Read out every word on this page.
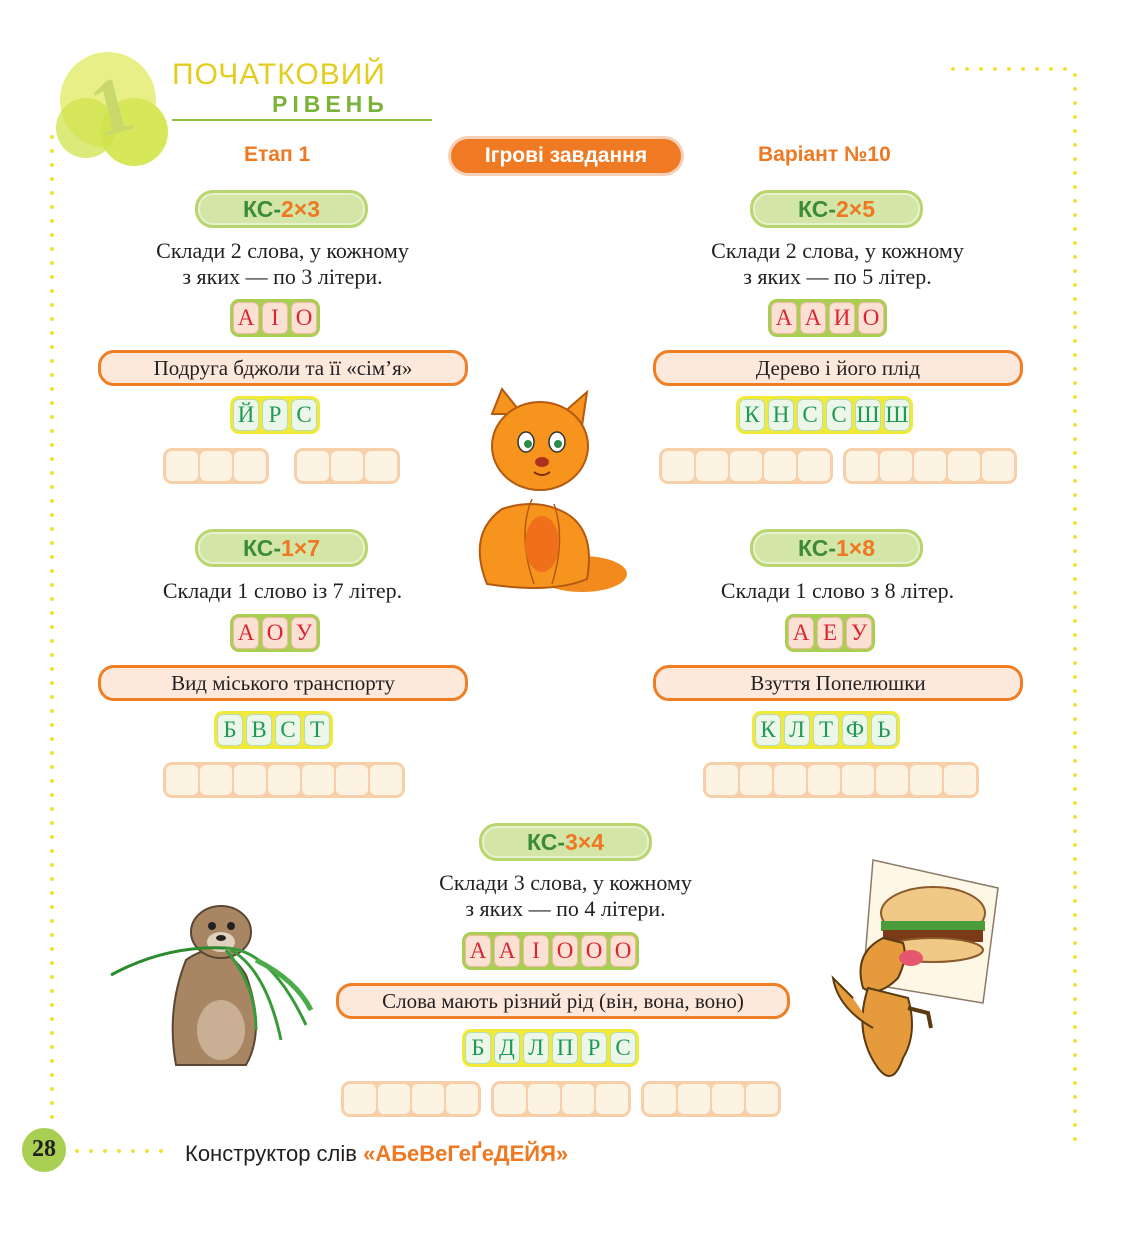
1 ПОЧАТКОВИЙ
РІВЕНЬ
Етап 1	Ігрові завдання	Варіант №10
КС- 2×3
Склади 2 слова, у кожному
з яких — по 3 літери.
А І О
Подруга бджоли та її «сім’я»
Й Р С
КС- 2×5
Склади 2 слова, у кожному
з яких — по 5 літер.
А А И О
Дерево і його плід
К Н С С Ш Ш
КС- 1×7
Склади 1 слово із 7 літер.
А О У
Вид міського транспорту
Б В С Т
КС- 1×8
Склади 1 слово з 8 літер.
А Е У
Взуття Попелюшки
К Л Т Ф Ь
КС- 3×4
Склади 3 слова, у кожному
з яких — по 4 літери.
А А І О О О
Слова мають різний рід (він, вона, воно)
Б Д Л П Р С
28	Конструктор слів «АБеВеГеҐеДЕЙЯ»
